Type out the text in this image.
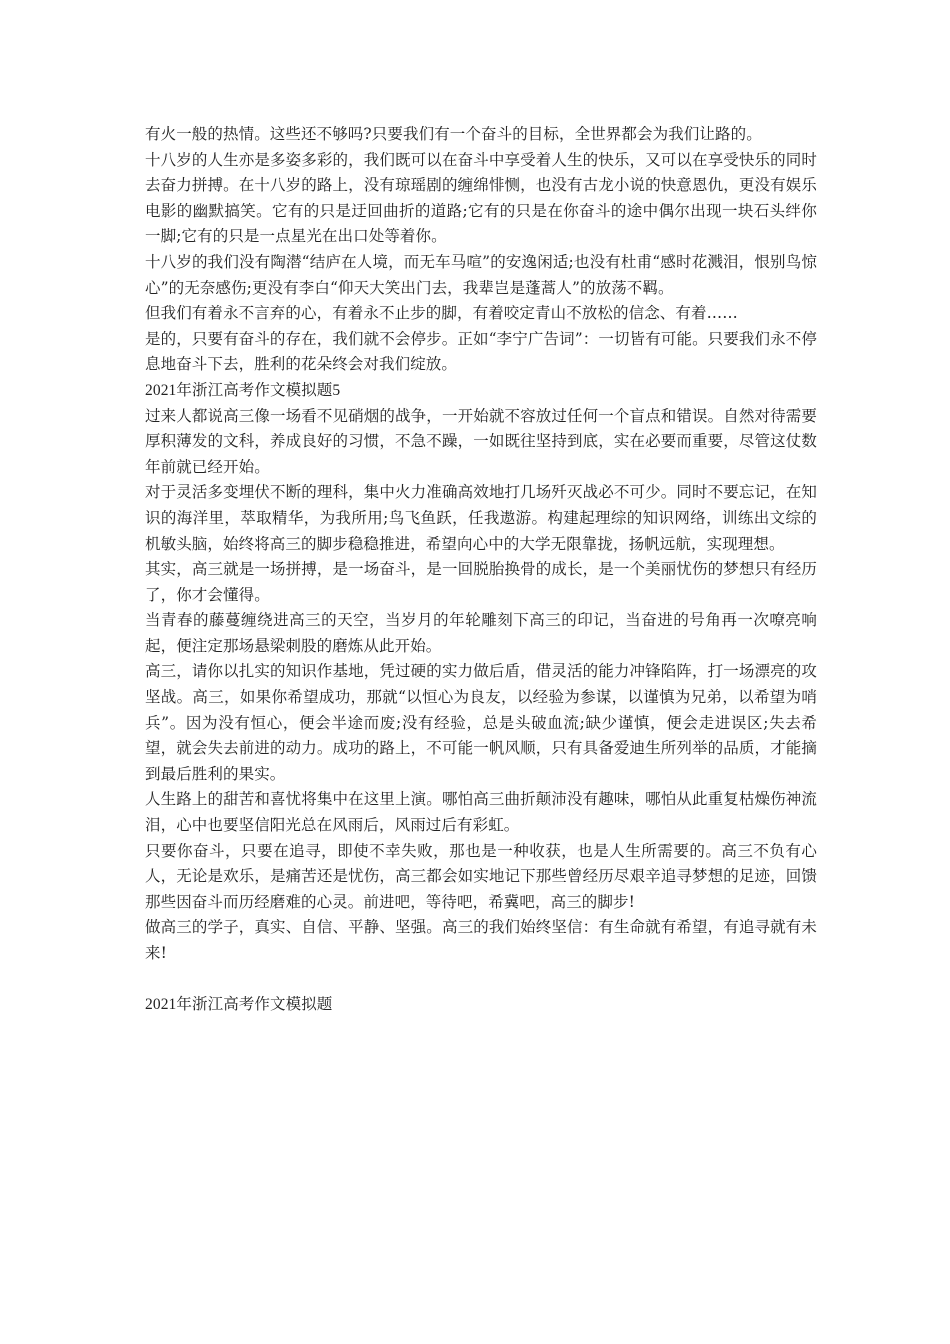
有火一般的热情。这些还不够吗?只要我们有一个奋斗的目标，全世界都会为我们让路的。

十八岁的人生亦是多姿多彩的，我们既可以在奋斗中享受着人生的快乐，又可以在享受快乐的同时去奋力拼搏。在十八岁的路上，没有琼瑶剧的缠绵悱恻，也没有古龙小说的快意恩仇，更没有娱乐电影的幽默搞笑。它有的只是迂回曲折的道路;它有的只是在你奋斗的途中偶尔出现一块石头绊你一脚;它有的只是一点星光在出口处等着你。

十八岁的我们没有陶潜“结庐在人境，而无车马喧”的安逸闲适;也没有杜甫“感时花溅泪，恨别鸟惊心”的无奈感伤;更没有李白“仰天大笑出门去，我辈岂是蓬蒿人”的放荡不羁。

但我们有着永不言弃的心，有着永不止步的脚，有着咬定青山不放松的信念、有着……

是的，只要有奋斗的存在，我们就不会停步。正如“李宁广告词”：一切皆有可能。只要我们永不停息地奋斗下去，胜利的花朵终会对我们绽放。

2021年浙江高考作文模拟题5

过来人都说高三像一场看不见硝烟的战争，一开始就不容放过任何一个盲点和错误。自然对待需要厚积薄发的文科，养成良好的习惯，不急不躁，一如既往坚持到底，实在必要而重要，尽管这仗数年前就已经开始。

对于灵活多变埋伏不断的理科，集中火力准确高效地打几场歼灭战必不可少。同时不要忘记，在知识的海洋里，萃取精华，为我所用;鸟飞鱼跃，任我遨游。构建起理综的知识网络，训练出文综的机敏头脑，始终将高三的脚步稳稳推进，希望向心中的大学无限靠拢，扬帆远航，实现理想。

其实，高三就是一场拼搏，是一场奋斗，是一回脱胎换骨的成长，是一个美丽忧伤的梦想只有经历了，你才会懂得。

当青春的藤蔓缠绕进高三的天空，当岁月的年轮雕刻下高三的印记，当奋进的号角再一次嘹亮响起，便注定那场悬梁刺股的磨炼从此开始。

高三，请你以扎实的知识作基地，凭过硬的实力做后盾，借灵活的能力冲锋陷阵，打一场漂亮的攻坚战。高三，如果你希望成功，那就“以恒心为良友，以经验为参谋，以谨慎为兄弟，以希望为哨兵”。因为没有恒心，便会半途而废;没有经验，总是头破血流;缺少谨慎，便会走进误区;失去希望，就会失去前进的动力。成功的路上，不可能一帆风顺，只有具备爱迪生所列举的品质，才能摘到最后胜利的果实。

人生路上的甜苦和喜忧将集中在这里上演。哪怕高三曲折颠沛没有趣味，哪怕从此重复枯燥伤神流泪，心中也要坚信阳光总在风雨后，风雨过后有彩虹。

只要你奋斗，只要在追寻，即使不幸失败，那也是一种收获，也是人生所需要的。高三不负有心人，无论是欢乐，是痛苦还是忧伤，高三都会如实地记下那些曾经历尽艰辛追寻梦想的足迹，回馈那些因奋斗而历经磨难的心灵。前进吧，等待吧，希冀吧，高三的脚步!

做高三的学子，真实、自信、平静、坚强。高三的我们始终坚信：有生命就有希望，有追寻就有未来!

2021年浙江高考作文模拟题
